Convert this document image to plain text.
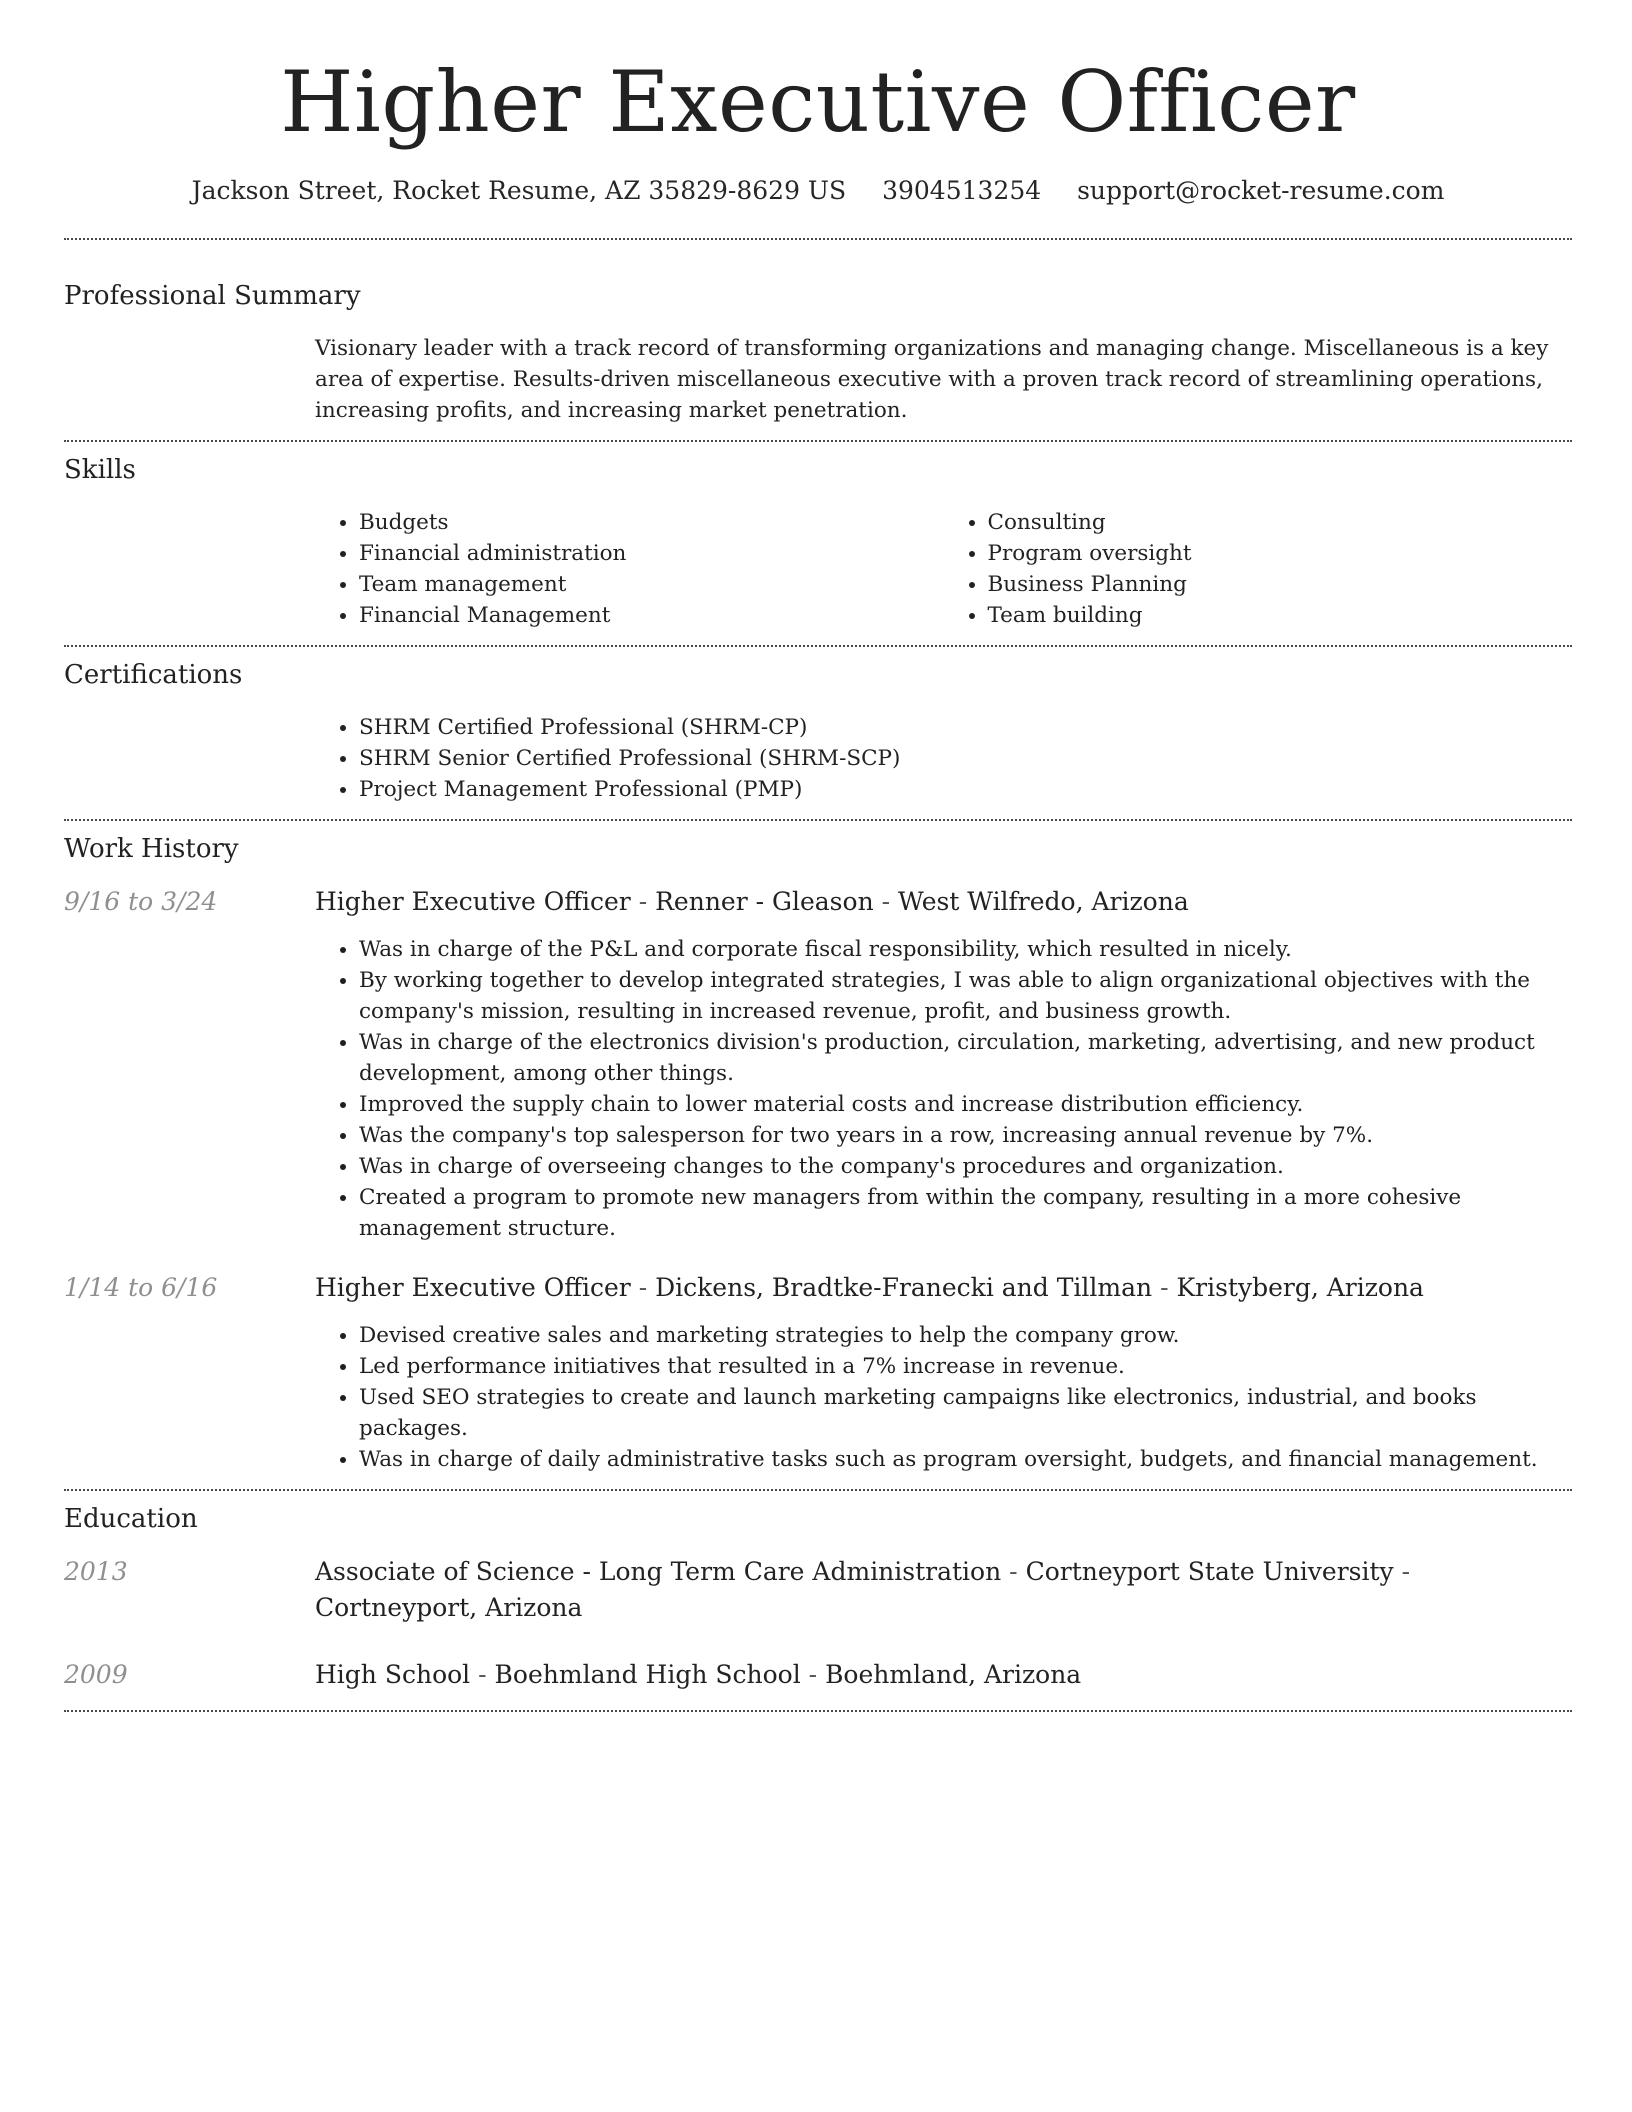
Higher Executive Officer
Jackson Street, Rocket Resume, AZ 35829-8629 US 3904513254 support@rocket-resume.com
Professional Summary
Visionary leader with a track record of transforming organizations and managing change. Miscellaneous is a key area of expertise. Results-driven miscellaneous executive with a proven track record of streamlining operations, increasing profits, and increasing market penetration.
Skills
• Budgets
• Financial administration
• Team management
• Financial Management
• Consulting
• Program oversight
• Business Planning
• Team building
Certifications
• SHRM Certified Professional (SHRM-CP)
• SHRM Senior Certified Professional (SHRM-SCP)
• Project Management Professional (PMP)
Work History
9/16 to 3/24	Higher Executive Officer - Renner - Gleason - West Wilfredo, Arizona
• Was in charge of the P&L and corporate fiscal responsibility, which resulted in nicely.
• By working together to develop integrated strategies, I was able to align organizational objectives with the company's mission, resulting in increased revenue, profit, and business growth.
• Was in charge of the electronics division's production, circulation, marketing, advertising, and new product development, among other things.
• Improved the supply chain to lower material costs and increase distribution efficiency.
• Was the company's top salesperson for two years in a row, increasing annual revenue by 7%.
• Was in charge of overseeing changes to the company's procedures and organization.
• Created a program to promote new managers from within the company, resulting in a more cohesive management structure.
1/14 to 6/16	Higher Executive Officer - Dickens, Bradtke-Franecki and Tillman - Kristyberg, Arizona
• Devised creative sales and marketing strategies to help the company grow.
• Led performance initiatives that resulted in a 7% increase in revenue.
• Used SEO strategies to create and launch marketing campaigns like electronics, industrial, and books packages.
• Was in charge of daily administrative tasks such as program oversight, budgets, and financial management.
Education
2013	Associate of Science - Long Term Care Administration - Cortneyport State University - Cortneyport, Arizona
2009	High School - Boehmland High School - Boehmland, Arizona
